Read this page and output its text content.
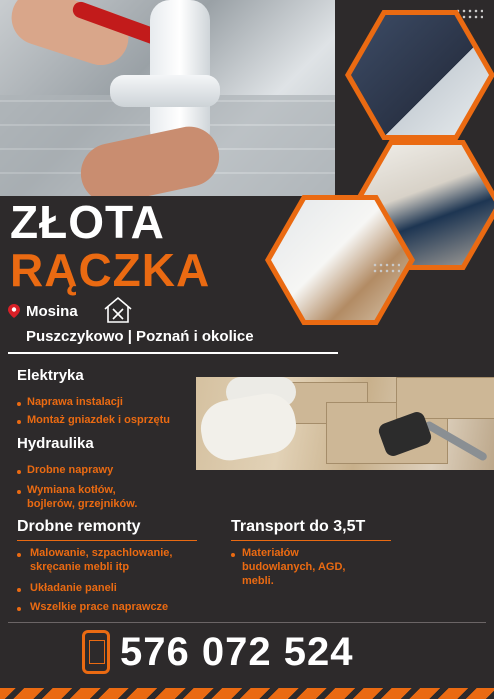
ZŁOTA
RĄCZKA
Mosina
Puszczykowo | Poznań i okolice
Elektryka
Naprawa instalacji
Montaż gniazdek i osprzętu
Hydraulika
Drobne naprawy
Wymiana kotłów,
bojlerów, grzejników.
Drobne remonty
Malowanie, szpachlowanie,
skręcanie mebli itp
Układanie paneli
Wszelkie prace naprawcze
Transport do 3,5T
Materiałów
budowlanych, AGD,
mebli.
576 072 524
